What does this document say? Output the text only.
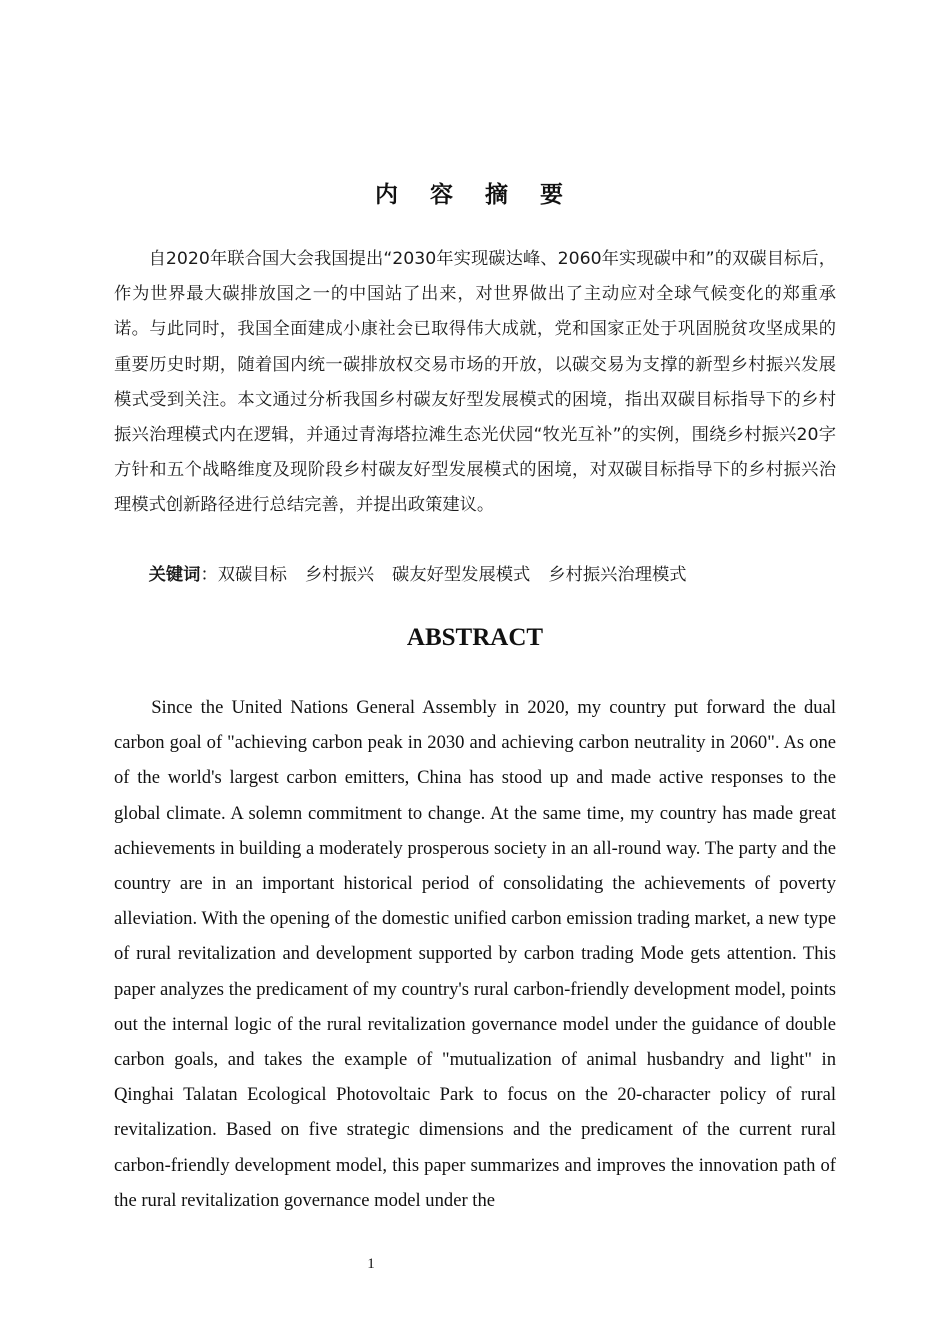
内 容 摘 要

自2020年联合国大会我国提出“2030年实现碳达峰、2060年实现碳中和”的双碳目标后，作为世界最大碳排放国之一的中国站了出来，对世界做出了主动应对全球气候变化的郑重承诺。与此同时，我国全面建成小康社会已取得伟大成就，党和国家正处于巩固脱贫攻坚成果的重要历史时期，随着国内统一碳排放权交易市场的开放，以碳交易为支撑的新型乡村振兴发展模式受到关注。本文通过分析我国乡村碳友好型发展模式的困境，指出双碳目标指导下的乡村振兴治理模式内在逻辑，并通过青海塔拉滩生态光伏园“牧光互补”的实例，围绕乡村振兴20字方针和五个战略维度及现阶段乡村碳友好型发展模式的困境，对双碳目标指导下的乡村振兴治理模式创新路径进行总结完善，并提出政策建议。

关键词：双碳目标 乡村振兴 碳友好型发展模式 乡村振兴治理模式

ABSTRACT

Since the United Nations General Assembly in 2020, my country put forward the dual carbon goal of "achieving carbon peak in 2030 and achieving carbon neutrality in 2060". As one of the world's largest carbon emitters, China has stood up and made active responses to the global climate. A solemn commitment to change. At the same time, my country has made great achievements in building a moderately prosperous society in an all-round way. The party and the country are in an important historical period of consolidating the achievements of poverty alleviation. With the opening of the domestic unified carbon emission trading market, a new type of rural revitalization and development supported by carbon trading Mode gets attention. This paper analyzes the predicament of my country's rural carbon-friendly development model, points out the internal logic of the rural revitalization governance model under the guidance of double carbon goals, and takes the example of "mutualization of animal husbandry and light" in Qinghai Talatan Ecological Photovoltaic Park to focus on the 20-character policy of rural revitalization. Based on five strategic dimensions and the predicament of the current rural carbon-friendly development model, this paper summarizes and improves the innovation path of the rural revitalization governance model under the

1
